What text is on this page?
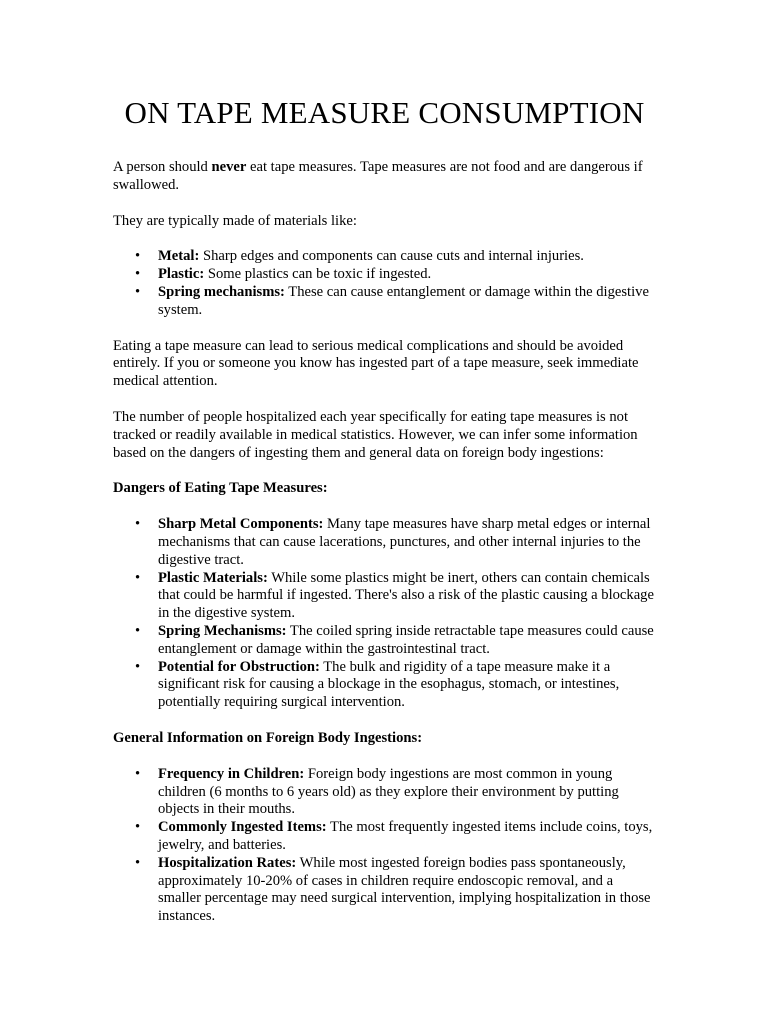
ON TAPE MEASURE CONSUMPTION

A person should never eat tape measures. Tape measures are not food and are dangerous if swallowed.

They are typically made of materials like:

• Metal: Sharp edges and components can cause cuts and internal injuries.
• Plastic: Some plastics can be toxic if ingested.
• Spring mechanisms: These can cause entanglement or damage within the digestive system.

Eating a tape measure can lead to serious medical complications and should be avoided entirely. If you or someone you know has ingested part of a tape measure, seek immediate medical attention.

The number of people hospitalized each year specifically for eating tape measures is not tracked or readily available in medical statistics. However, we can infer some information based on the dangers of ingesting them and general data on foreign body ingestions:

Dangers of Eating Tape Measures:

• Sharp Metal Components: Many tape measures have sharp metal edges or internal mechanisms that can cause lacerations, punctures, and other internal injuries to the digestive tract.
• Plastic Materials: While some plastics might be inert, others can contain chemicals that could be harmful if ingested. There's also a risk of the plastic causing a blockage in the digestive system.
• Spring Mechanisms: The coiled spring inside retractable tape measures could cause entanglement or damage within the gastrointestinal tract.
• Potential for Obstruction: The bulk and rigidity of a tape measure make it a significant risk for causing a blockage in the esophagus, stomach, or intestines, potentially requiring surgical intervention.

General Information on Foreign Body Ingestions:

• Frequency in Children: Foreign body ingestions are most common in young children (6 months to 6 years old) as they explore their environment by putting objects in their mouths.
• Commonly Ingested Items: The most frequently ingested items include coins, toys, jewelry, and batteries.
• Hospitalization Rates: While most ingested foreign bodies pass spontaneously, approximately 10-20% of cases in children require endoscopic removal, and a smaller percentage may need surgical intervention, implying hospitalization in those instances.
